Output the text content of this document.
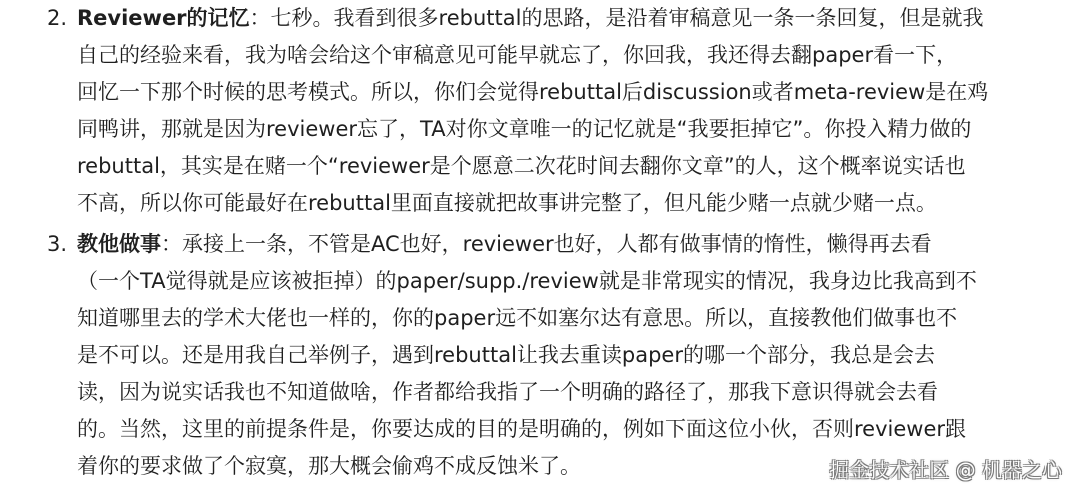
2. Reviewer的记忆：七秒。我看到很多rebuttal的思路，是沿着审稿意见一条一条回复，但是就我
自己的经验来看，我为啥会给这个审稿意见可能早就忘了，你回我，我还得去翻paper看一下，
回忆一下那个时候的思考模式。所以，你们会觉得rebuttal后discussion或者meta-review是在鸡
同鸭讲，那就是因为reviewer忘了，TA对你文章唯一的记忆就是“我要拒掉它”。你投入精力做的
rebuttal，其实是在赌一个“reviewer是个愿意二次花时间去翻你文章”的人，这个概率说实话也
不高，所以你可能最好在rebuttal里面直接就把故事讲完整了，但凡能少赌一点就少赌一点。
3. 教他做事：承接上一条，不管是AC也好，reviewer也好，人都有做事情的惰性，懒得再去看
（一个TA觉得就是应该被拒掉）的paper/supp./review就是非常现实的情况，我身边比我高到不
知道哪里去的学术大佬也一样的，你的paper远不如塞尔达有意思。所以，直接教他们做事也不
是不可以。还是用我自己举例子，遇到rebuttal让我去重读paper的哪一个部分，我总是会去
读，因为说实话我也不知道做啥，作者都给我指了一个明确的路径了，那我下意识得就会去看
的。当然，这里的前提条件是，你要达成的目的是明确的，例如下面这位小伙，否则reviewer跟
着你的要求做了个寂寞，那大概会偷鸡不成反蚀米了。	掘金技术社区 @ 机器之心
